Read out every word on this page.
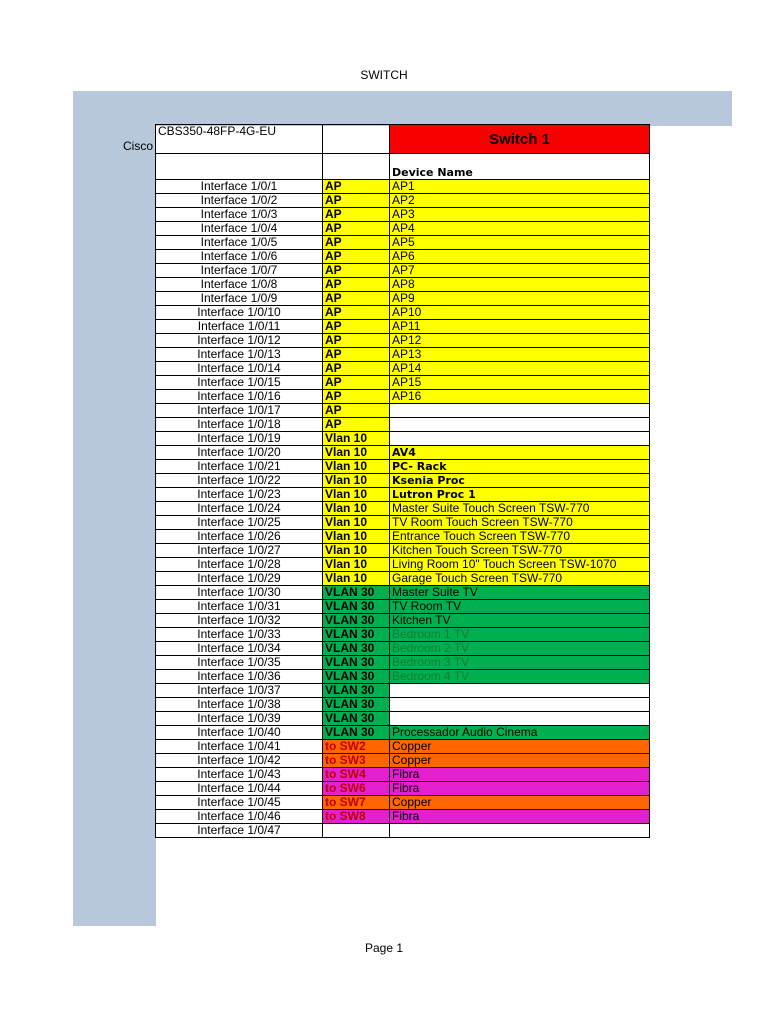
SWITCH
Cisco
CBS350-48FP-4G-EU		Switch 1
		Device Name
Interface 1/0/1	AP	AP1
Interface 1/0/2	AP	AP2
Interface 1/0/3	AP	AP3
Interface 1/0/4	AP	AP4
Interface 1/0/5	AP	AP5
Interface 1/0/6	AP	AP6
Interface 1/0/7	AP	AP7
Interface 1/0/8	AP	AP8
Interface 1/0/9	AP	AP9
Interface 1/0/10	AP	AP10
Interface 1/0/11	AP	AP11
Interface 1/0/12	AP	AP12
Interface 1/0/13	AP	AP13
Interface 1/0/14	AP	AP14
Interface 1/0/15	AP	AP15
Interface 1/0/16	AP	AP16
Interface 1/0/17	AP	
Interface 1/0/18	AP	
Interface 1/0/19	Vlan 10	
Interface 1/0/20	Vlan 10	AV4
Interface 1/0/21	Vlan 10	PC- Rack
Interface 1/0/22	Vlan 10	Ksenia Proc
Interface 1/0/23	Vlan 10	Lutron Proc 1
Interface 1/0/24	Vlan 10	Master Suite Touch Screen TSW-770
Interface 1/0/25	Vlan 10	TV Room Touch Screen TSW-770
Interface 1/0/26	Vlan 10	Entrance Touch Screen TSW-770
Interface 1/0/27	Vlan 10	Kitchen Touch Screen TSW-770
Interface 1/0/28	Vlan 10	Living Room 10" Touch Screen TSW-1070
Interface 1/0/29	Vlan 10	Garage Touch Screen TSW-770
Interface 1/0/30	VLAN 30	Master Suite TV
Interface 1/0/31	VLAN 30	TV Room TV
Interface 1/0/32	VLAN 30	Kitchen TV
Interface 1/0/33	VLAN 30	Bedroom 1 TV
Interface 1/0/34	VLAN 30	Bedroom 2 TV
Interface 1/0/35	VLAN 30	Bedroom 3 TV
Interface 1/0/36	VLAN 30	Bedroom 4 TV
Interface 1/0/37	VLAN 30	
Interface 1/0/38	VLAN 30	
Interface 1/0/39	VLAN 30	
Interface 1/0/40	VLAN 30	Processador Audio Cinema
Interface 1/0/41	to SW2	Copper
Interface 1/0/42	to SW3	Copper
Interface 1/0/43	to SW4	Fibra
Interface 1/0/44	to SW6	Fibra
Interface 1/0/45	to SW7	Copper
Interface 1/0/46	to SW8	Fibra
Interface 1/0/47		
Page 1
